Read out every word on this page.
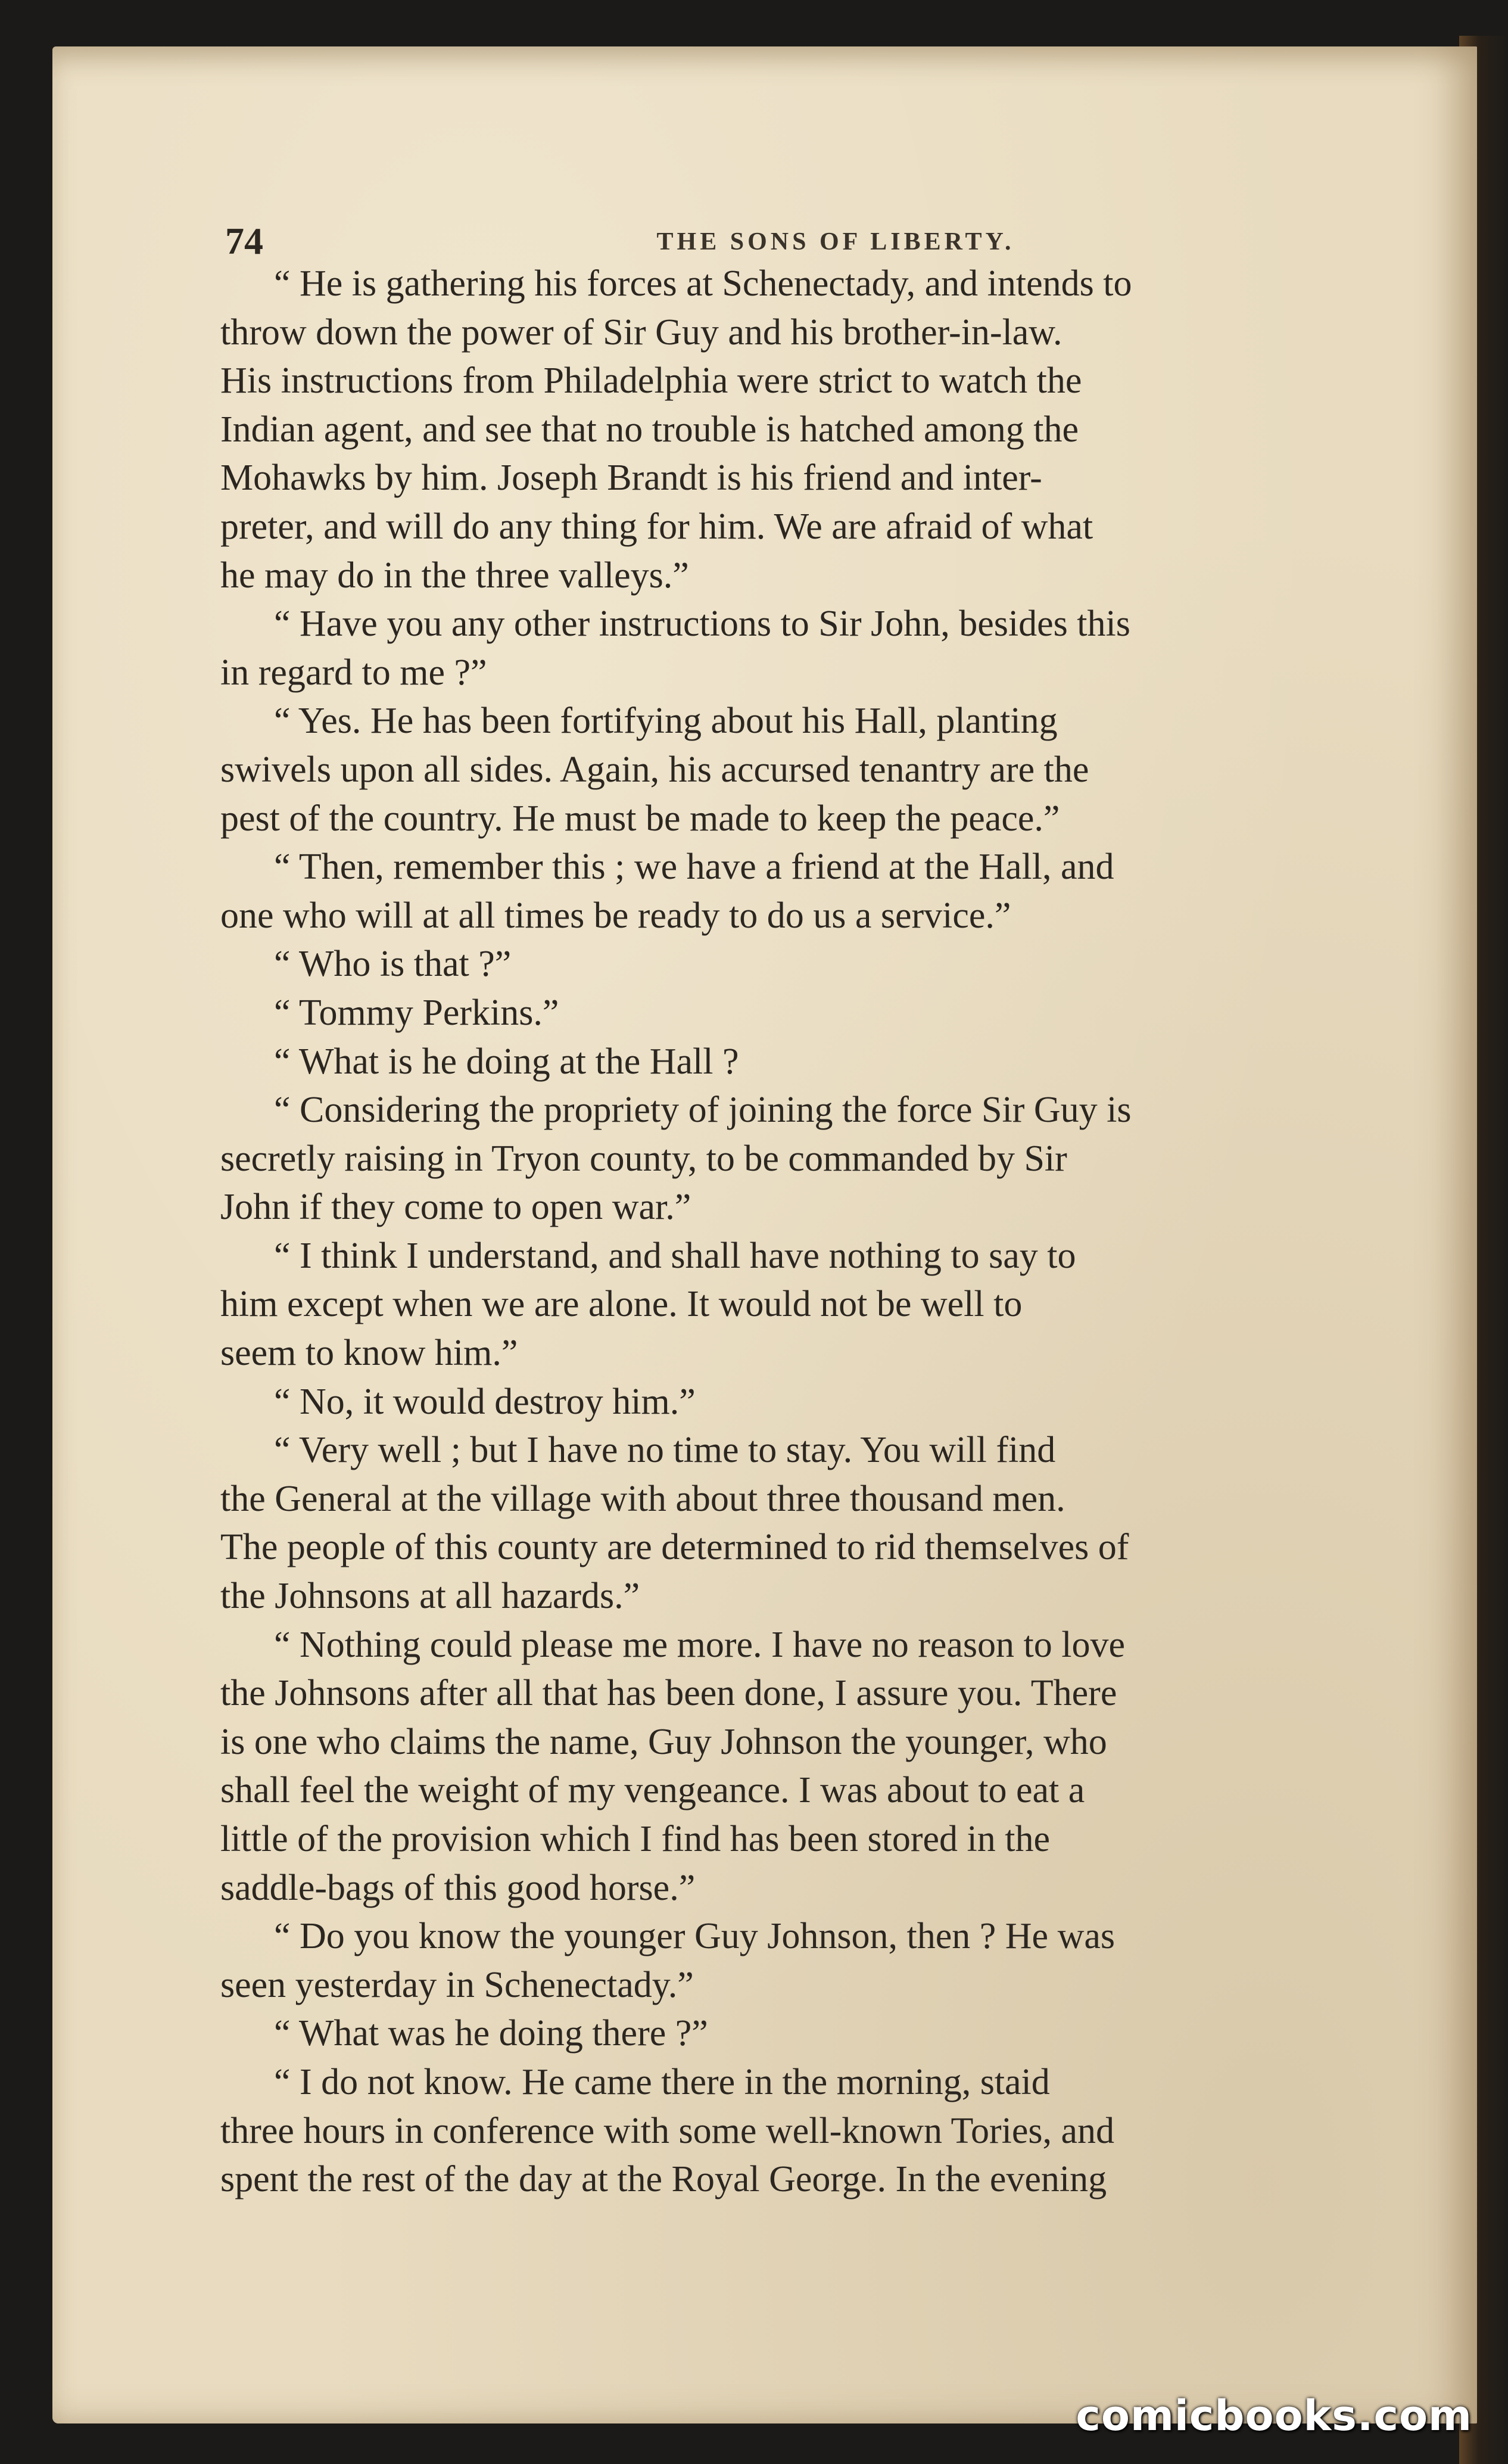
74	THE SONS OF LIBERTY.

“ He is gathering his forces at Schenectady, and intends to
throw down the power of Sir Guy and his brother-in-law.
His instructions from Philadelphia were strict to watch the
Indian agent, and see that no trouble is hatched among the
Mohawks by him. Joseph Brandt is his friend and inter-
preter, and will do any thing for him. We are afraid of what
he may do in the three valleys.”

“ Have you any other instructions to Sir John, besides this
in regard to me ?”

“ Yes. He has been fortifying about his Hall, planting
swivels upon all sides. Again, his accursed tenantry are the
pest of the country. He must be made to keep the peace.”

“ Then, remember this ; we have a friend at the Hall, and
one who will at all times be ready to do us a service.”

“ Who is that ?”

“ Tommy Perkins.”

“ What is he doing at the Hall ?

“ Considering the propriety of joining the force Sir Guy is
secretly raising in Tryon county, to be commanded by Sir
John if they come to open war.”

“ I think I understand, and shall have nothing to say to
him except when we are alone. It would not be well to
seem to know him.”

“ No, it would destroy him.”

“ Very well ; but I have no time to stay. You will find
the General at the village with about three thousand men.
The people of this county are determined to rid themselves of
the Johnsons at all hazards.”

“ Nothing could please me more. I have no reason to love
the Johnsons after all that has been done, I assure you. There
is one who claims the name, Guy Johnson the younger, who
shall feel the weight of my vengeance. I was about to eat a
little of the provision which I find has been stored in the
saddle-bags of this good horse.”

“ Do you know the younger Guy Johnson, then ? He was
seen yesterday in Schenectady.”

“ What was he doing there ?”

“ I do not know. He came there in the morning, staid
three hours in conference with some well-known Tories, and
spent the rest of the day at the Royal George. In the evening

comicbooks.com
